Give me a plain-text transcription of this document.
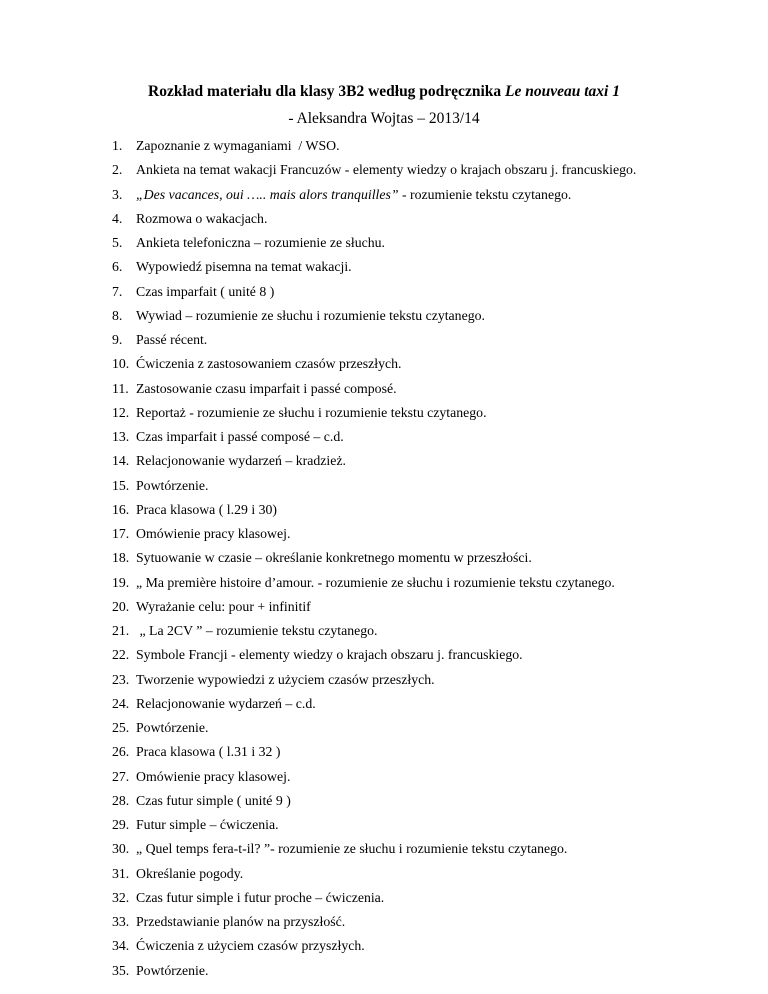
Rozkład materiału dla klasy 3B2 według podręcznika Le nouveau taxi 1
- Aleksandra Wojtas – 2013/14
1. Zapoznanie z wymaganiami  / WSO.
2. Ankieta na temat wakacji Francuzów - elementy wiedzy o krajach obszaru j. francuskiego.
3. „Des vacances, oui ….. mais alors tranquilles” - rozumienie tekstu czytanego.
4. Rozmowa o wakacjach.
5. Ankieta telefoniczna – rozumienie ze słuchu.
6. Wypowiedź pisemna na temat wakacji.
7. Czas imparfait ( unité 8 )
8. Wywiad – rozumienie ze słuchu i rozumienie tekstu czytanego.
9. Passé récent.
10. Ćwiczenia z zastosowaniem czasów przeszłych.
11. Zastosowanie czasu imparfait i passé composé.
12. Reportaż - rozumienie ze słuchu i rozumienie tekstu czytanego.
13. Czas imparfait i passé composé – c.d.
14. Relacjonowanie wydarzeń – kradzież.
15. Powtórzenie.
16. Praca klasowa ( l.29 i 30)
17. Omówienie pracy klasowej.
18. Sytuowanie w czasie – określanie konkretnego momentu w przeszłości.
19. „ Ma première histoire d’amour. - rozumienie ze słuchu i rozumienie tekstu czytanego.
20. Wyrażanie celu: pour + infinitif
21. „ La 2CV ” – rozumienie tekstu czytanego.
22. Symbole Francji - elementy wiedzy o krajach obszaru j. francuskiego.
23. Tworzenie wypowiedzi z użyciem czasów przeszłych.
24. Relacjonowanie wydarzeń – c.d.
25. Powtórzenie.
26. Praca klasowa ( l.31 i 32 )
27. Omówienie pracy klasowej.
28. Czas futur simple ( unité 9 )
29. Futur simple – ćwiczenia.
30. „ Quel temps fera-t-il? ”- rozumienie ze słuchu i rozumienie tekstu czytanego.
31. Określanie pogody.
32. Czas futur simple i futur proche – ćwiczenia.
33. Przedstawianie planów na przyszłość.
34. Ćwiczenia z użyciem czasów przyszłych.
35. Powtórzenie.
